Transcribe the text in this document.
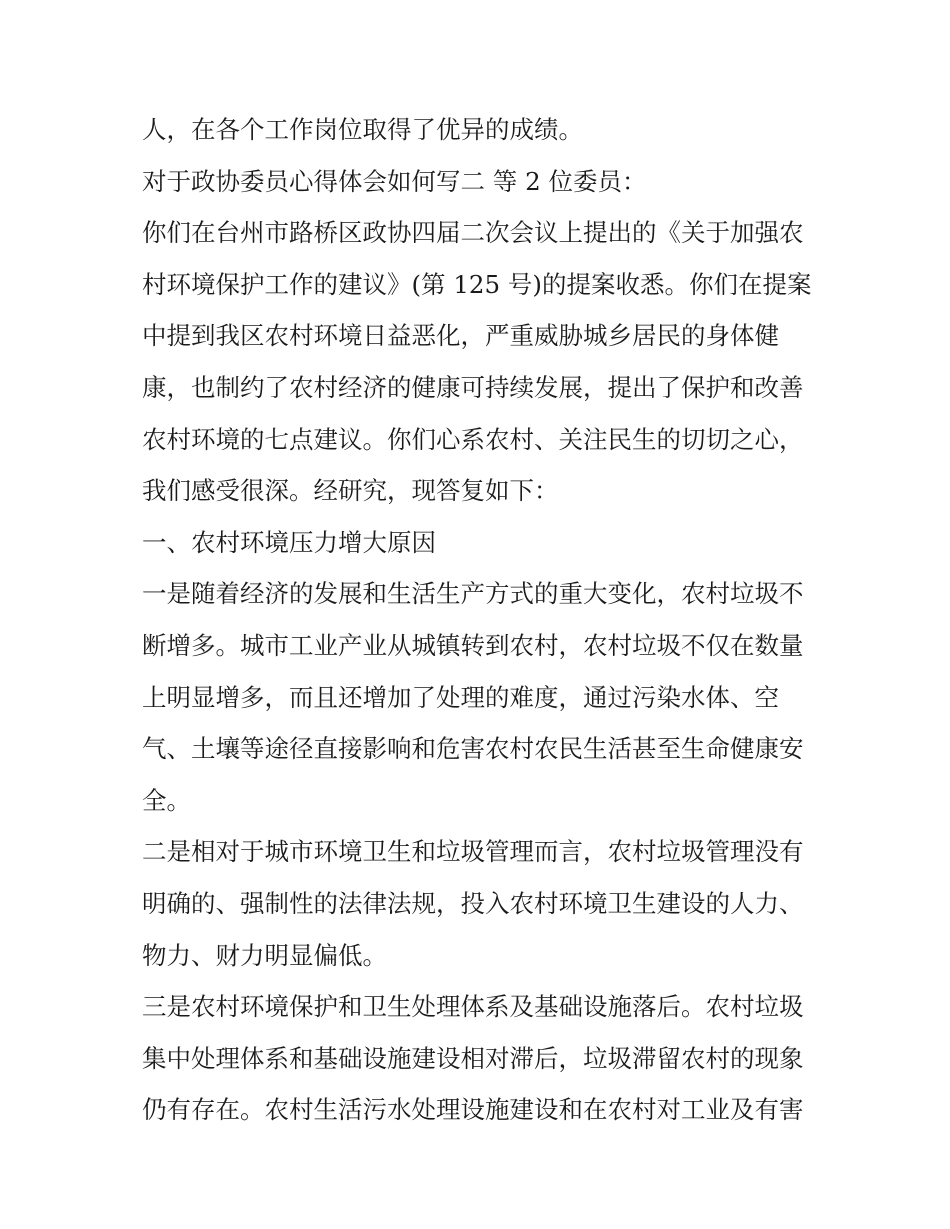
人，在各个工作岗位取得了优异的成绩。
对于政协委员心得体会如何写二 等 2 位委员：
你们在台州市路桥区政协四届二次会议上提出的《关于加强农
村环境保护工作的建议》(第 125 号)的提案收悉。你们在提案
中提到我区农村环境日益恶化，严重威胁城乡居民的身体健
康，也制约了农村经济的健康可持续发展，提出了保护和改善
农村环境的七点建议。你们心系农村、关注民生的切切之心，
我们感受很深。经研究，现答复如下：
一、农村环境压力增大原因
一是随着经济的发展和生活生产方式的重大变化，农村垃圾不
断增多。城市工业产业从城镇转到农村，农村垃圾不仅在数量
上明显增多，而且还增加了处理的难度，通过污染水体、空
气、土壤等途径直接影响和危害农村农民生活甚至生命健康安
全。
二是相对于城市环境卫生和垃圾管理而言，农村垃圾管理没有
明确的、强制性的法律法规，投入农村环境卫生建设的人力、
物力、财力明显偏低。
三是农村环境保护和卫生处理体系及基础设施落后。农村垃圾
集中处理体系和基础设施建设相对滞后，垃圾滞留农村的现象
仍有存在。农村生活污水处理设施建设和在农村对工业及有害
